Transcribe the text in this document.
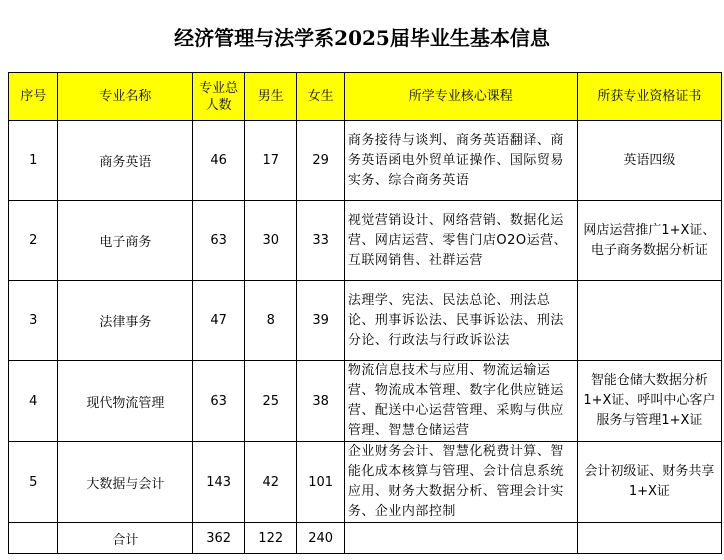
经济管理与法学系2025届毕业生基本信息
序号	专业名称	专业总人数	男生	女生	所学专业核心课程	所获专业资格证书
1	商务英语	46	17	29	商务接待与谈判、商务英语翻译、商务英语函电外贸单证操作、国际贸易实务、综合商务英语	英语四级
2	电子商务	63	30	33	视觉营销设计、网络营销、数据化运营、网店运营、零售门店O2O运营、互联网销售、社群运营	网店运营推广1+X证、电子商务数据分析证
3	法律事务	47	8	39	法理学、宪法、民法总论、刑法总论、刑事诉讼法、民事诉讼法、刑法分论、行政法与行政诉讼法	
4	现代物流管理	63	25	38	物流信息技术与应用、物流运输运营、物流成本管理、数字化供应链运营、配送中心运营管理、采购与供应管理、智慧仓储运营	智能仓储大数据分析1+X证、呼叫中心客户服务与管理1+X证
5	大数据与会计	143	42	101	企业财务会计、智慧化税费计算、智能化成本核算与管理、会计信息系统应用、财务大数据分析、管理会计实务、企业内部控制	会计初级证、财务共享1+X证
	合计	362	122	240		
